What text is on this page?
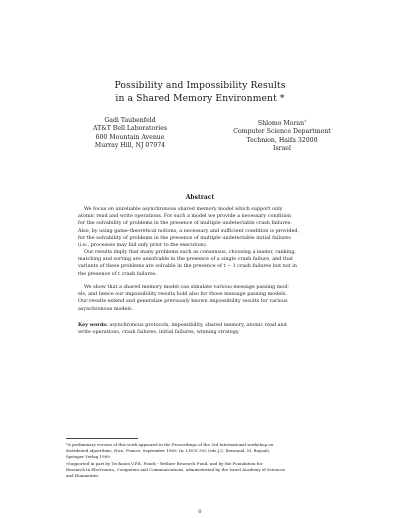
Possibility and Impossibility Results
in a Shared Memory Environment *
Gadi Taubenfeld
AT&T Bell Laboratories
600 Mountain Avenue
Murray Hill, NJ 07974
Shlomo Moran†
Computer Science Department
Technion, Haifa 32000
Israel
Abstract
We focus on unreliable asynchronous shared memory model which support only
atomic read and write operations. For such a model we provide a necessary condition
for the solvability of problems in the presence of multiple undetectable crash failures.
Also, by using game-theoretical notions, a necessary and sufficient condition is provided,
for the solvability of problems in the presence of multiple undetectable initial failures
(i.e., processes may fail only prior to the execution).
Our results imply that many problems such as consensus, choosing a leader, ranking,
matching and sorting are unsolvable in the presence of a single crash failure, and that
variants of these problems are solvable in the presence of t − 1 crash failures but not in
the presence of t crash failures.
We show that a shared memory model can simulate various message passing mod-
els, and hence our impossibility results hold also for those message passing models.
Our results extend and generalize previously known impossibility results for various
asynchronous models.
Key words: asynchronous protocols, impossibility, shared memory, atomic read and
write operations, crash failures, initial failures, winning strategy.
*A preliminary version of this work appeared in the Proceedings of the 3rd International workshop on
distributed algorithms, Nice, France, September 1989. In: LNCS 392 (eds.J.C. Bermond, M. Raynal),
Springer Verlag 1989.
†Supported in part by Technion V.P.R. Funds - Wellner Research Fund, and by the Foundation for
Research in Electronics, Computers and Communications, administrated by the Israel Academy of Sciences
and Humanities.
0
